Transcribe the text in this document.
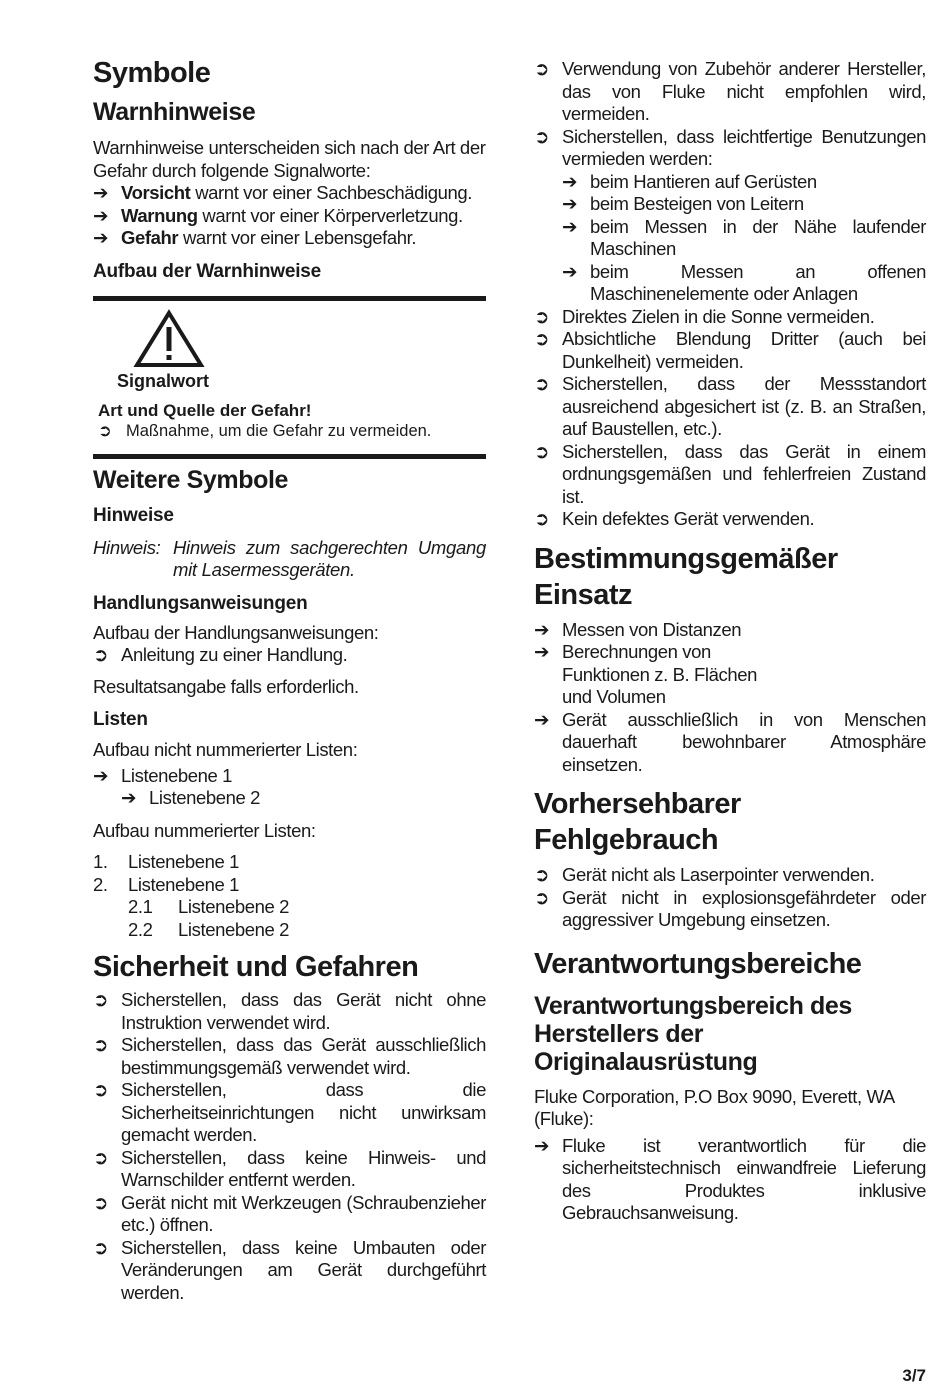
Symbole
Warnhinweise

Warnhinweise unterscheiden sich nach der Art der Gefahr durch folgende Signalworte:

➔ Vorsicht warnt vor einer Sachbeschädigung.
➔ Warnung warnt vor einer Körperverletzung.
➔ Gefahr warnt vor einer Lebensgefahr.
Aufbau der Warnhinweise
Signalwort
Art und Quelle der Gefahr!
➲ Maßnahme, um die Gefahr zu vermeiden.
Weitere Symbole
Hinweise
Hinweis: Hinweis zum sachgerechten Umgang mit Lasermessgeräten.
Handlungsanweisungen

Aufbau der Handlungsanweisungen:

➲ Anleitung zu einer Handlung.

Resultatsangabe falls erforderlich.

Listen

Aufbau nicht nummerierter Listen:

➔ Listenebene 1
➔ Listenebene 2

Aufbau nummerierter Listen:

1. Listenebene 1
2. Listenebene 1
2.1 Listenebene 2
2.2 Listenebene 2
Sicherheit und Gefahren
➲ Sicherstellen, dass das Gerät nicht ohne Instruktion verwendet wird.
➲ Sicherstellen, dass das Gerät ausschließlich bestimmungsgemäß verwendet wird.
➲ Sicherstellen, dass die Sicherheitseinrichtungen nicht unwirksam gemacht werden.
➲ Sicherstellen, dass keine Hinweis- und Warnschilder entfernt werden.
➲ Gerät nicht mit Werkzeugen (Schraubenzieher etc.) öffnen.
➲ Sicherstellen, dass keine Umbauten oder Veränderungen am Gerät durchgeführt werden.
➲ Verwendung von Zubehör anderer Hersteller, das von Fluke nicht empfohlen wird, vermeiden.
➲ Sicherstellen, dass leichtfertige Benutzungen vermieden werden:
➔ beim Hantieren auf Gerüsten
➔ beim Besteigen von Leitern
➔ beim Messen in der Nähe laufender Maschinen
➔ beim Messen an offenen Maschinenelemente oder Anlagen
➲ Direktes Zielen in die Sonne vermeiden.
➲ Absichtliche Blendung Dritter (auch bei Dunkelheit) vermeiden.
➲ Sicherstellen, dass der Messstandort ausreichend abgesichert ist (z. B. an Straßen, auf Baustellen, etc.).
➲ Sicherstellen, dass das Gerät in einem ordnungsgemäßen und fehlerfreien Zustand ist.
➲ Kein defektes Gerät verwenden.
Bestimmungsgemäßer Einsatz
➔ Messen von Distanzen
➔ Berechnungen von Funktionen z. B. Flächen und Volumen
➔ Gerät ausschließlich in von Menschen dauerhaft bewohnbarer Atmosphäre einsetzen.
Vorhersehbarer Fehlgebrauch
➲ Gerät nicht als Laserpointer verwenden.
➲ Gerät nicht in explosionsgefährdeter oder aggressiver Umgebung einsetzen.
Verantwortungsbereiche
Verantwortungsbereich des Herstellers der Originalausrüstung

Fluke Corporation, P.O Box 9090, Everett, WA (Fluke):

➔ Fluke ist verantwortlich für die sicherheitstechnisch einwandfreie Lieferung des Produktes inklusive Gebrauchsanweisung.
3/7
